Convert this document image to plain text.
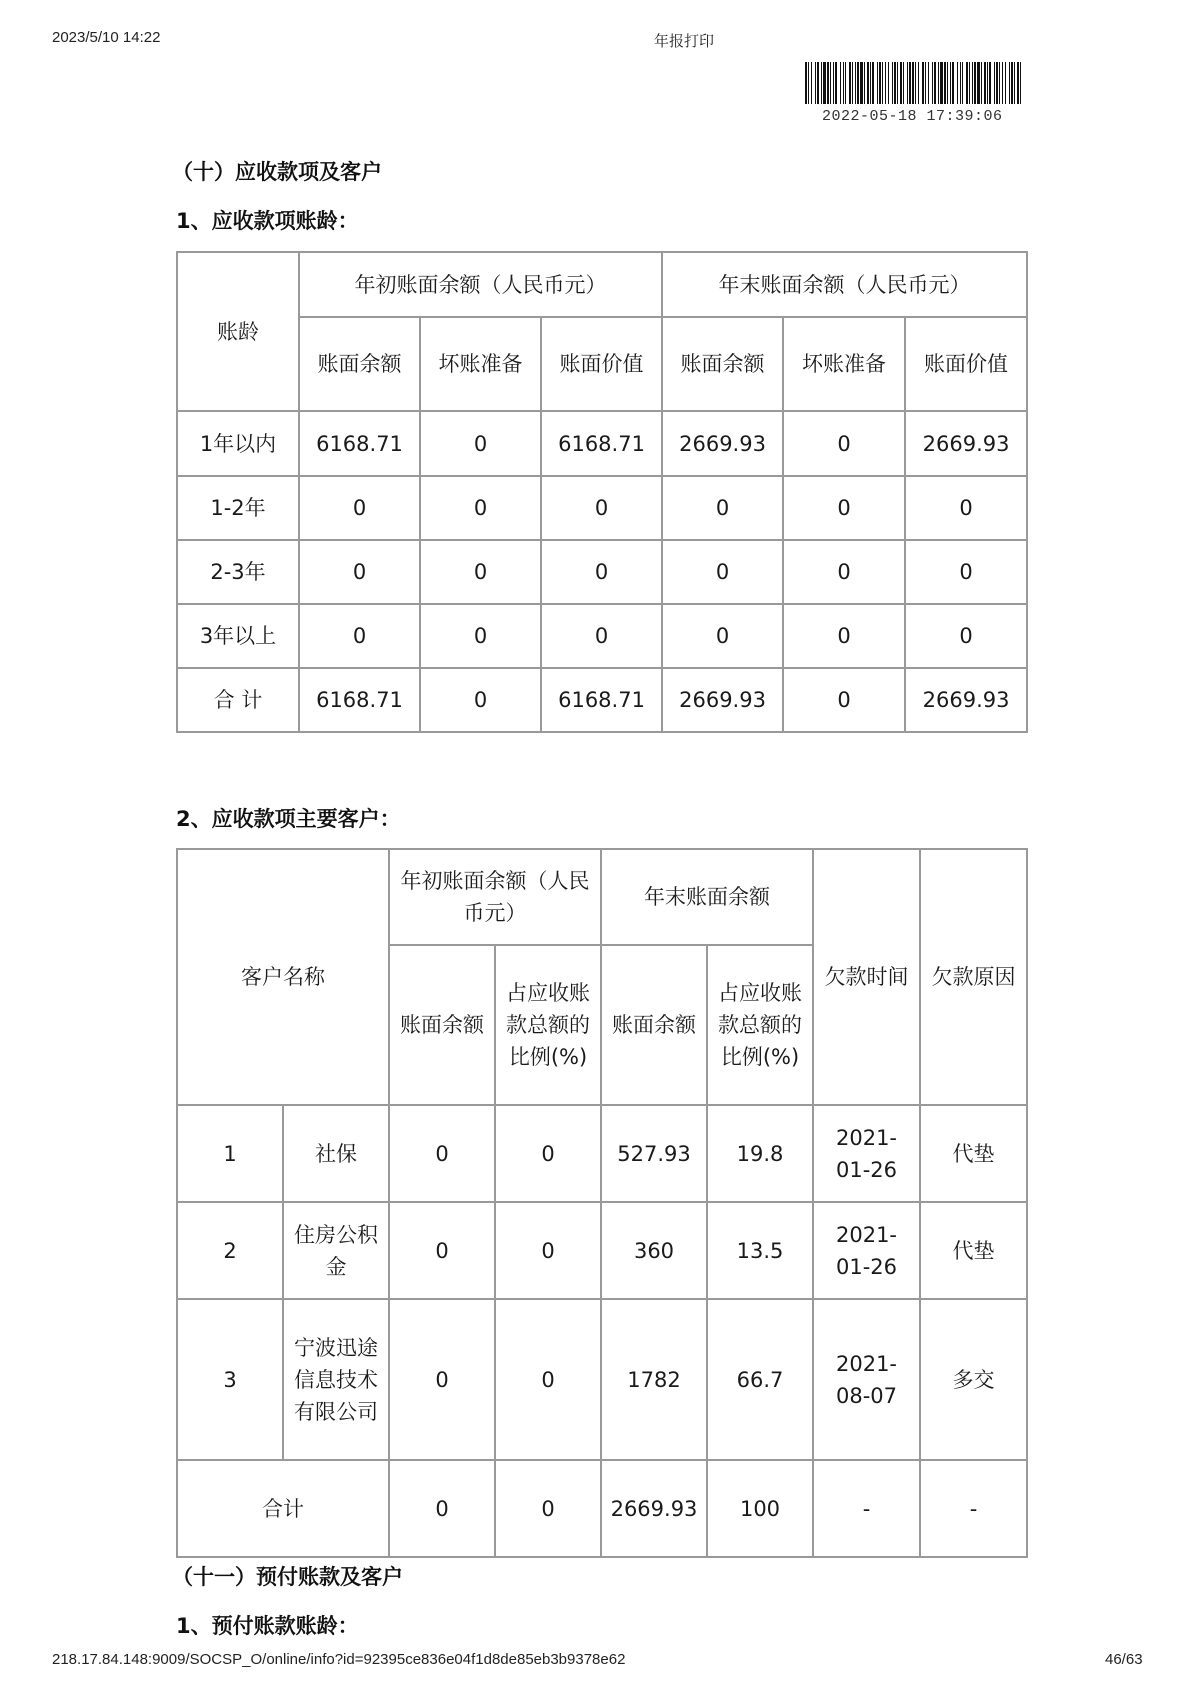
2023/5/10 14:22	年报打印
2022-05-18 17:39:06
（十）应收款项及客户
1、应收款项账龄：
账龄	年初账面余额（人民币元）			年末账面余额（人民币元）		
	账面余额	坏账准备	账面价值	账面余额	坏账准备	账面价值
1年以内	6168.71	0	6168.71	2669.93	0	2669.93
1-2年	0	0	0	0	0	0
2-3年	0	0	0	0	0	0
3年以上	0	0	0	0	0	0
合 计	6168.71	0	6168.71	2669.93	0	2669.93
2、应收款项主要客户：
客户名称		年初账面余额（人民币元）		年末账面余额		欠款时间	欠款原因
		账面余额	占应收账款总额的比例(%)	账面余额	占应收账款总额的比例(%)		
1	社保	0	0	527.93	19.8	2021-01-26	代垫
2	住房公积金	0	0	360	13.5	2021-01-26	代垫
3	宁波迅途信息技术有限公司	0	0	1782	66.7	2021-08-07	多交
合计		0	0	2669.93	100	-	-
（十一）预付账款及客户
1、预付账款账龄：
218.17.84.148:9009/SOCSP_O/online/info?id=92395ce836e04f1d8de85eb3b9378e62	46/63
